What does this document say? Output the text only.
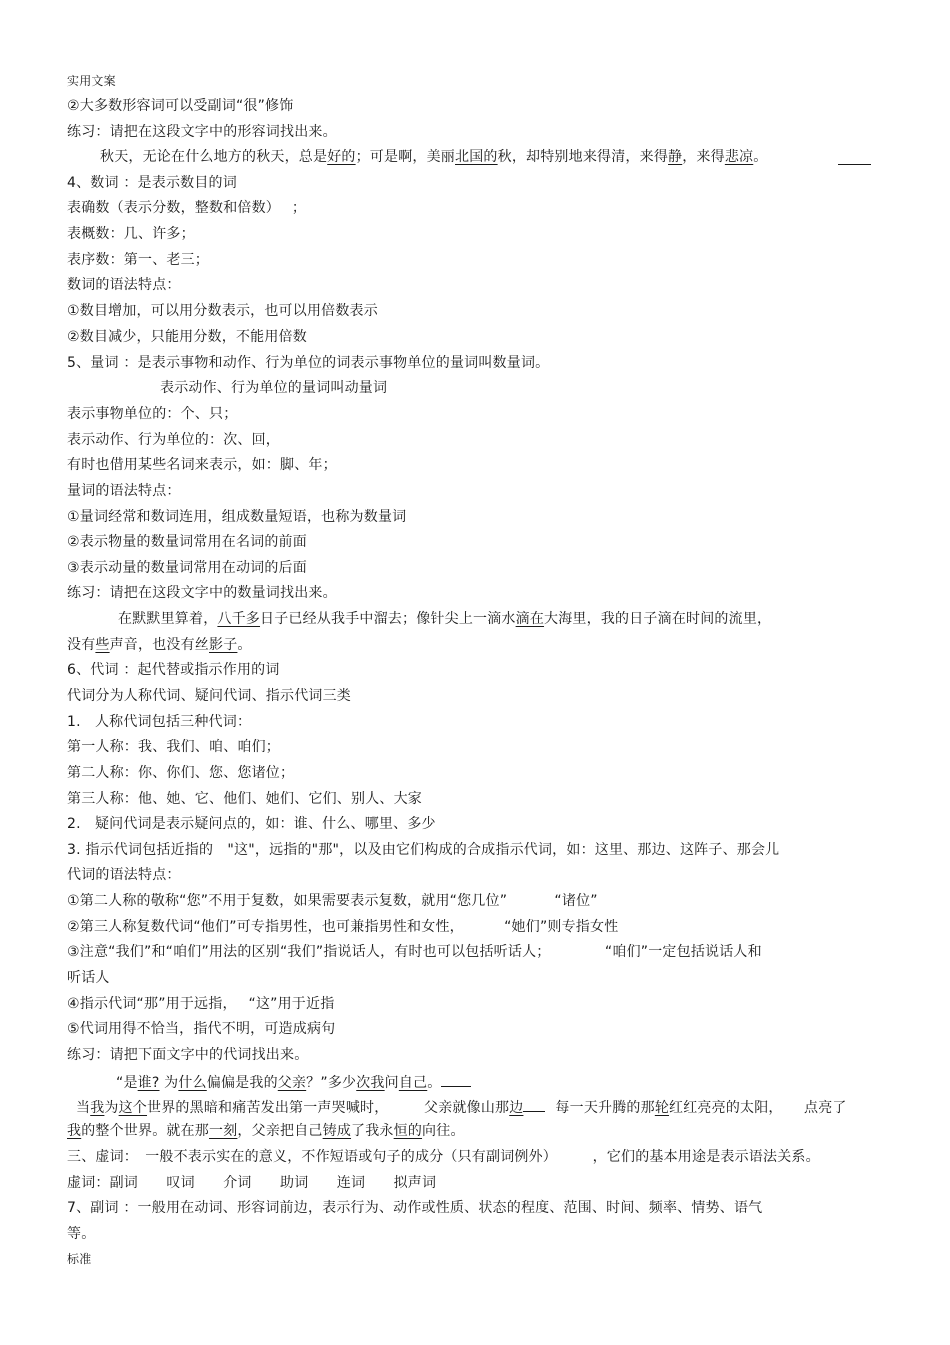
实用文案
②大多数形容词可以受副词“很”修饰
练习：请把在这段文字中的形容词找出来。
秋天，无论在什么地方的秋天，总是好的；可是啊，美丽北国的秋，却特别地来得清，来得静，来得悲凉。
4、数词 ：是表示数目的词
表确数（表示分数，整数和倍数）　 ；
表概数：几、许多；
表序数：第一、老三；
数词的语法特点：
①数目增加，可以用分数表示，也可以用倍数表示
②数目减少，只能用分数，不能用倍数
5、量词 ：是表示事物和动作、行为单位的词表示事物单位的量词叫数量词。
表示动作、行为单位的量词叫动量词
表示事物单位的：个、只；
表示动作、行为单位的：次、回，
有时也借用某些名词来表示，如：脚、年；
量词的语法特点：
①量词经常和数词连用，组成数量短语，也称为数量词
②表示物量的数量词常用在名词的前面
③表示动量的数量词常用在动词的后面
练习：请把在这段文字中的数量词找出来。
在默默里算着，八千多日子已经从我手中溜去；像针尖上一滴水滴在大海里，我的日子滴在时间的流里，
没有些声音，也没有丝影子。
6、代词 ：起代替或指示作用的词
代词分为人称代词、疑问代词、指示代词三类
1.　人称代词包括三种代词：
第一人称：我、我们、咱、咱们；
第二人称：你、你们、您、您诸位；
第三人称：他、她、它、他们、她们、它们、别人、大家
2.　疑问代词是表示疑问点的，如：谁、什么、哪里、多少
3. 指示代词包括近指的　"这"，远指的"那"，以及由它们构成的合成指示代词，如：这里、那边、这阵子、那会儿
代词的语法特点：
①第二人称的敬称“您”不用于复数，如果需要表示复数，就用“您几位”　　　 “诸位”
②第三人称复数代词“他们”可专指男性，也可兼指男性和女性，　　　 “她们”则专指女性
③注意“我们”和“咱们”用法的区别“我们”指说话人，有时也可以包括听话人；　　　　 “咱们”一定包括说话人和
听话人
④指示代词“那”用于远指，　 “这”用于近指
⑤代词用得不恰当，指代不明，可造成病句
练习：请把下面文字中的代词找出来。
“是谁? 为什么偏偏是我的父亲？”多少次我问自己。
当我为这个世界的黑暗和痛苦发出第一声哭喊时，　　　父亲就像山那边 每一天升腾的那轮红红亮亮的太阳，　　点亮了
我的整个世界。就在那一刻，父亲把自己铸成了我永恒的向往。
三、虚词：　一般不表示实在的意义，不作短语或句子的成分（只有副词例外）　　　，它们的基本用途是表示语法关系。
虚词：副词　　叹词　　介词　　助词　　连词　　拟声词
7、副词 ：一般用在动词、形容词前边，表示行为、动作或性质、状态的程度、范围、时间、频率、情势、语气
等。
标准
